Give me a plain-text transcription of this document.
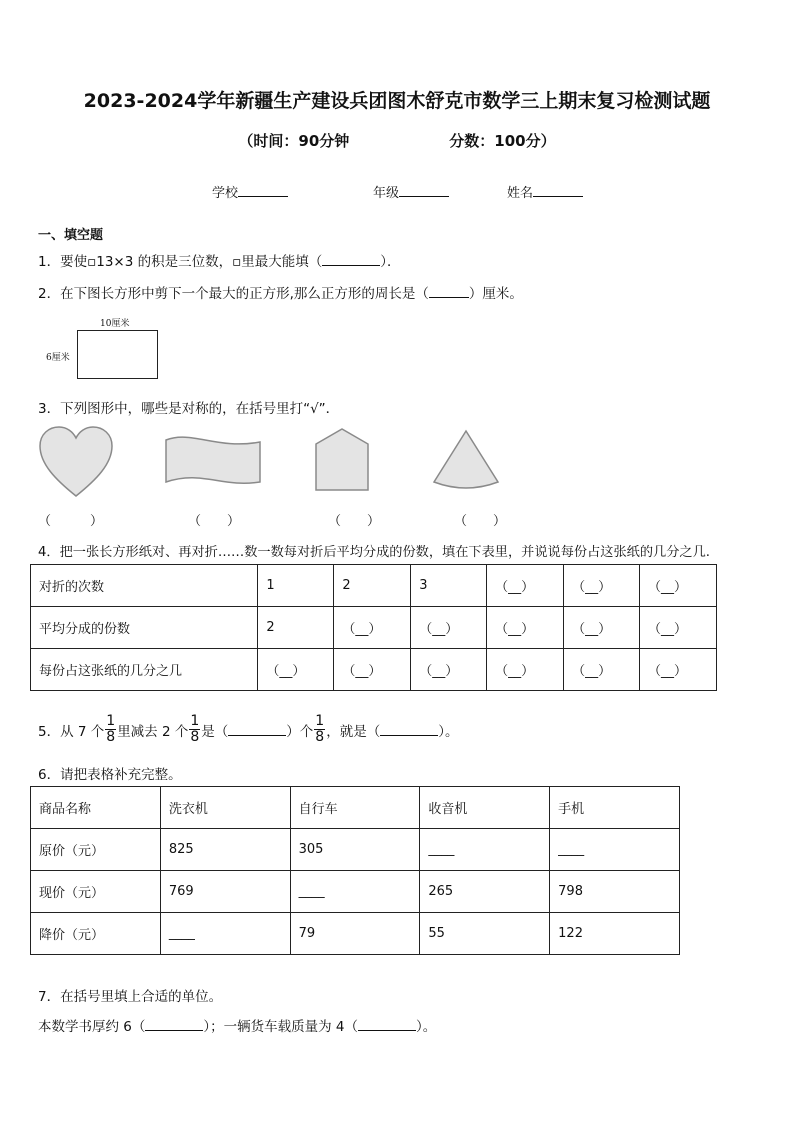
2023-2024学年新疆生产建设兵团图木舒克市数学三上期末复习检测试题
（时间：90分钟	分数：100分）
学校	年级	姓名
一、填空题
1．要使▫13×3 的积是三位数，▫里最大能填（	）．
2．在下图长方形中剪下一个最大的正方形,那么正方形的周长是（	）厘米。
10厘米
6厘米
3．下列图形中，哪些是对称的，在括号里打“√”．
（　　　）	（　　）	（　　）	（　　）
4．把一张长方形纸对、再对折……数一数每对折后平均分成的份数，填在下表里，并说说每份占这张纸的几分之几.
对折的次数	1	2	3	（__）	（__）	（__）
平均分成的份数	2	（__）	（__）	（__）	（__）	（__）
每份占这张纸的几分之几	（__）	（__）	（__）	（__）	（__）	（__）
5．从 7 个 $\frac{1}{8}$ 里减去 2 个 $\frac{1}{8}$ 是（	）个 $\frac{1}{8}$ ，就是（	）。
6．请把表格补充完整。
商品名称	洗衣机	自行车	收音机	手机
原价（元）	825	305	____	____
现价（元）	769	____	265	798
降价（元）	____	79	55	122
7．在括号里填上合适的单位。
本数学书厚约 6（	）；一辆货车载质量为 4（	）。
